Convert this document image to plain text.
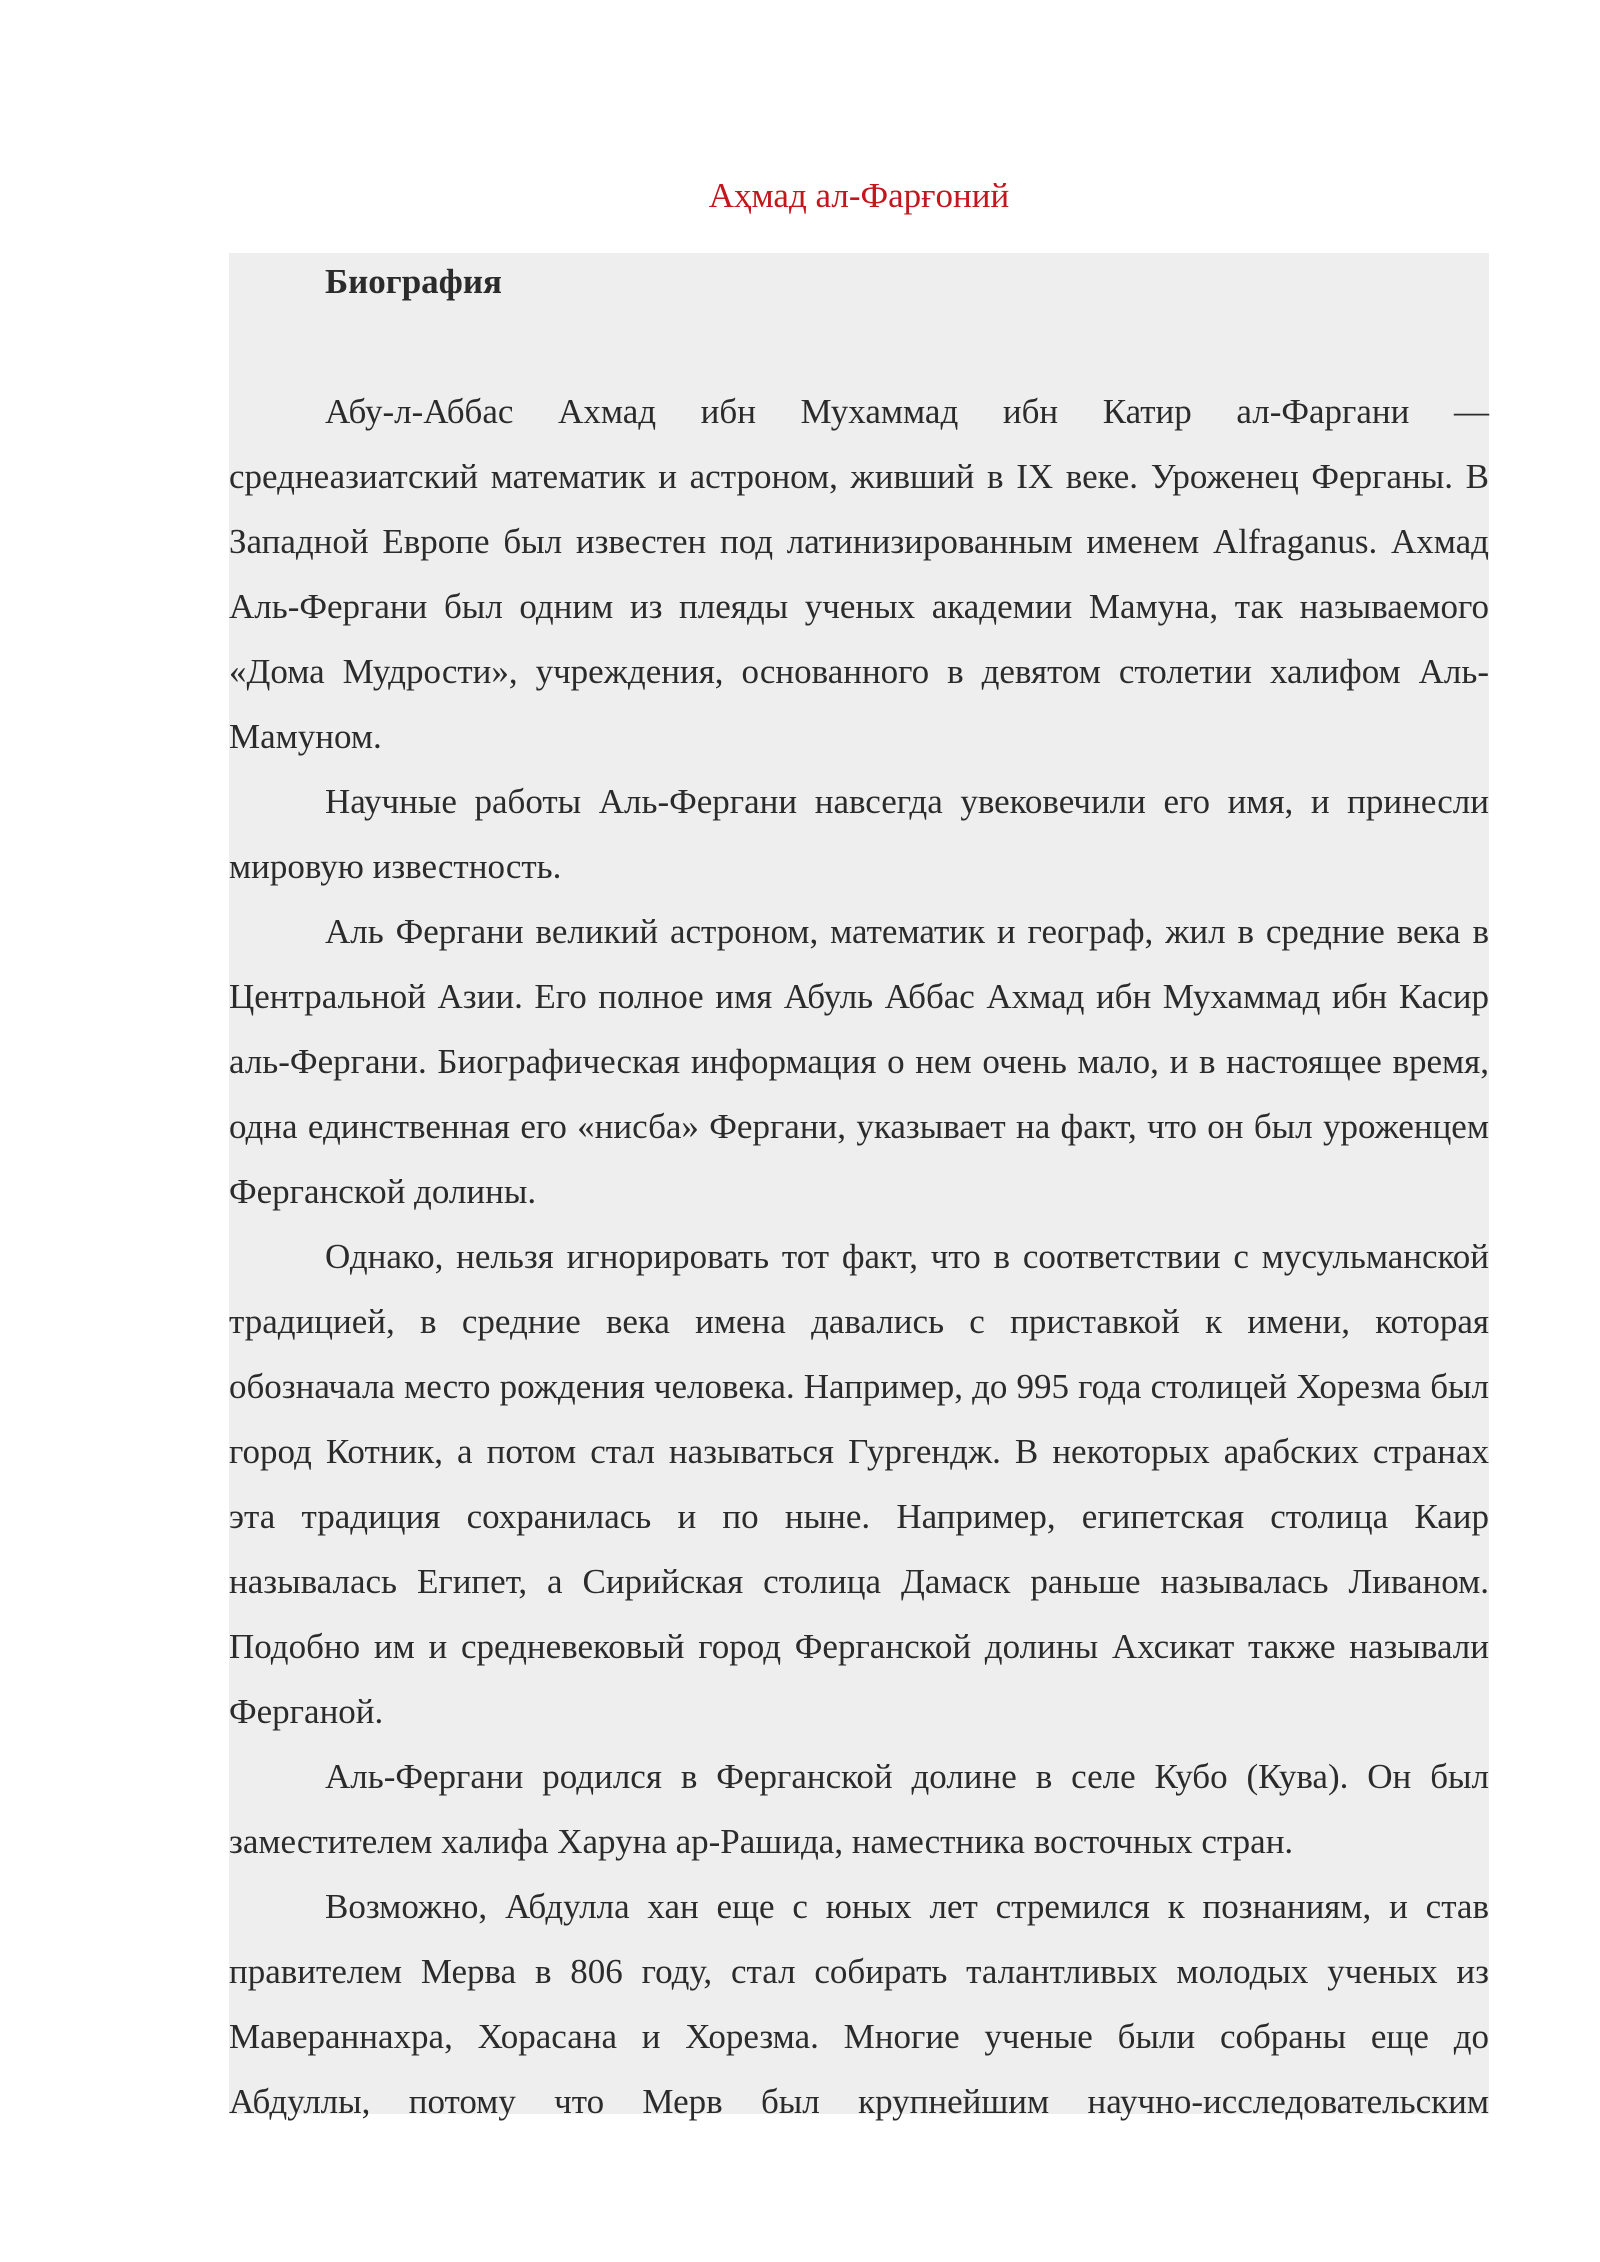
Аҳмад ал-Фарғоний
Биография

Абу-л-Аббас Ахмад ибн Мухаммад ибн Катир ал-Фаргани — среднеазиатский математик и астроном, живший в IX веке. Уроженец Ферганы. В Западной Европе был известен под латинизированным именем Alfraganus. Ахмад Аль-Фергани был одним из плеяды ученых академии Мамуна, так называемого «Дома Мудрости», учреждения, основанного в девятом столетии халифом Аль-Мамуном.

Научные работы Аль-Фергани навсегда увековечили его имя, и принесли мировую известность.

Аль Фергани великий астроном, математик и географ, жил в средние века в Центральной Азии. Его полное имя Абуль Аббас Ахмад ибн Мухаммад ибн Касир аль-Фергани. Биографическая информация о нем очень мало, и в настоящее время, одна единственная его «нисба» Фергани, указывает на факт, что он был уроженцем Ферганской долины.

Однако, нельзя игнорировать тот факт, что в соответствии с мусульманской традицией, в средние века имена давались с приставкой к имени, которая обозначала место рождения человека. Например, до 995 года столицей Хорезма был город Котник, а потом стал называться Гургендж. В некоторых арабских странах эта традиция сохранилась и по ныне. Например, египетская столица Каир называлась Египет, а Сирийская столица Дамаск раньше называлась Ливаном. Подобно им и средневековый город Ферганской долины Ахсикат также называли Ферганой.

Аль-Фергани родился в Ферганской долине в селе Кубо (Кува). Он был заместителем халифа Харуна ар-Рашида, наместника восточных стран.

Возможно, Абдулла хан еще с юных лет стремился к познаниям, и став правителем Мерва в 806 году, стал собирать талантливых молодых ученых из Мавераннахра, Хорасана и Хорезма. Многие ученые были собраны еще до Абдуллы, потому что Мерв был крупнейшим научно-исследовательским
